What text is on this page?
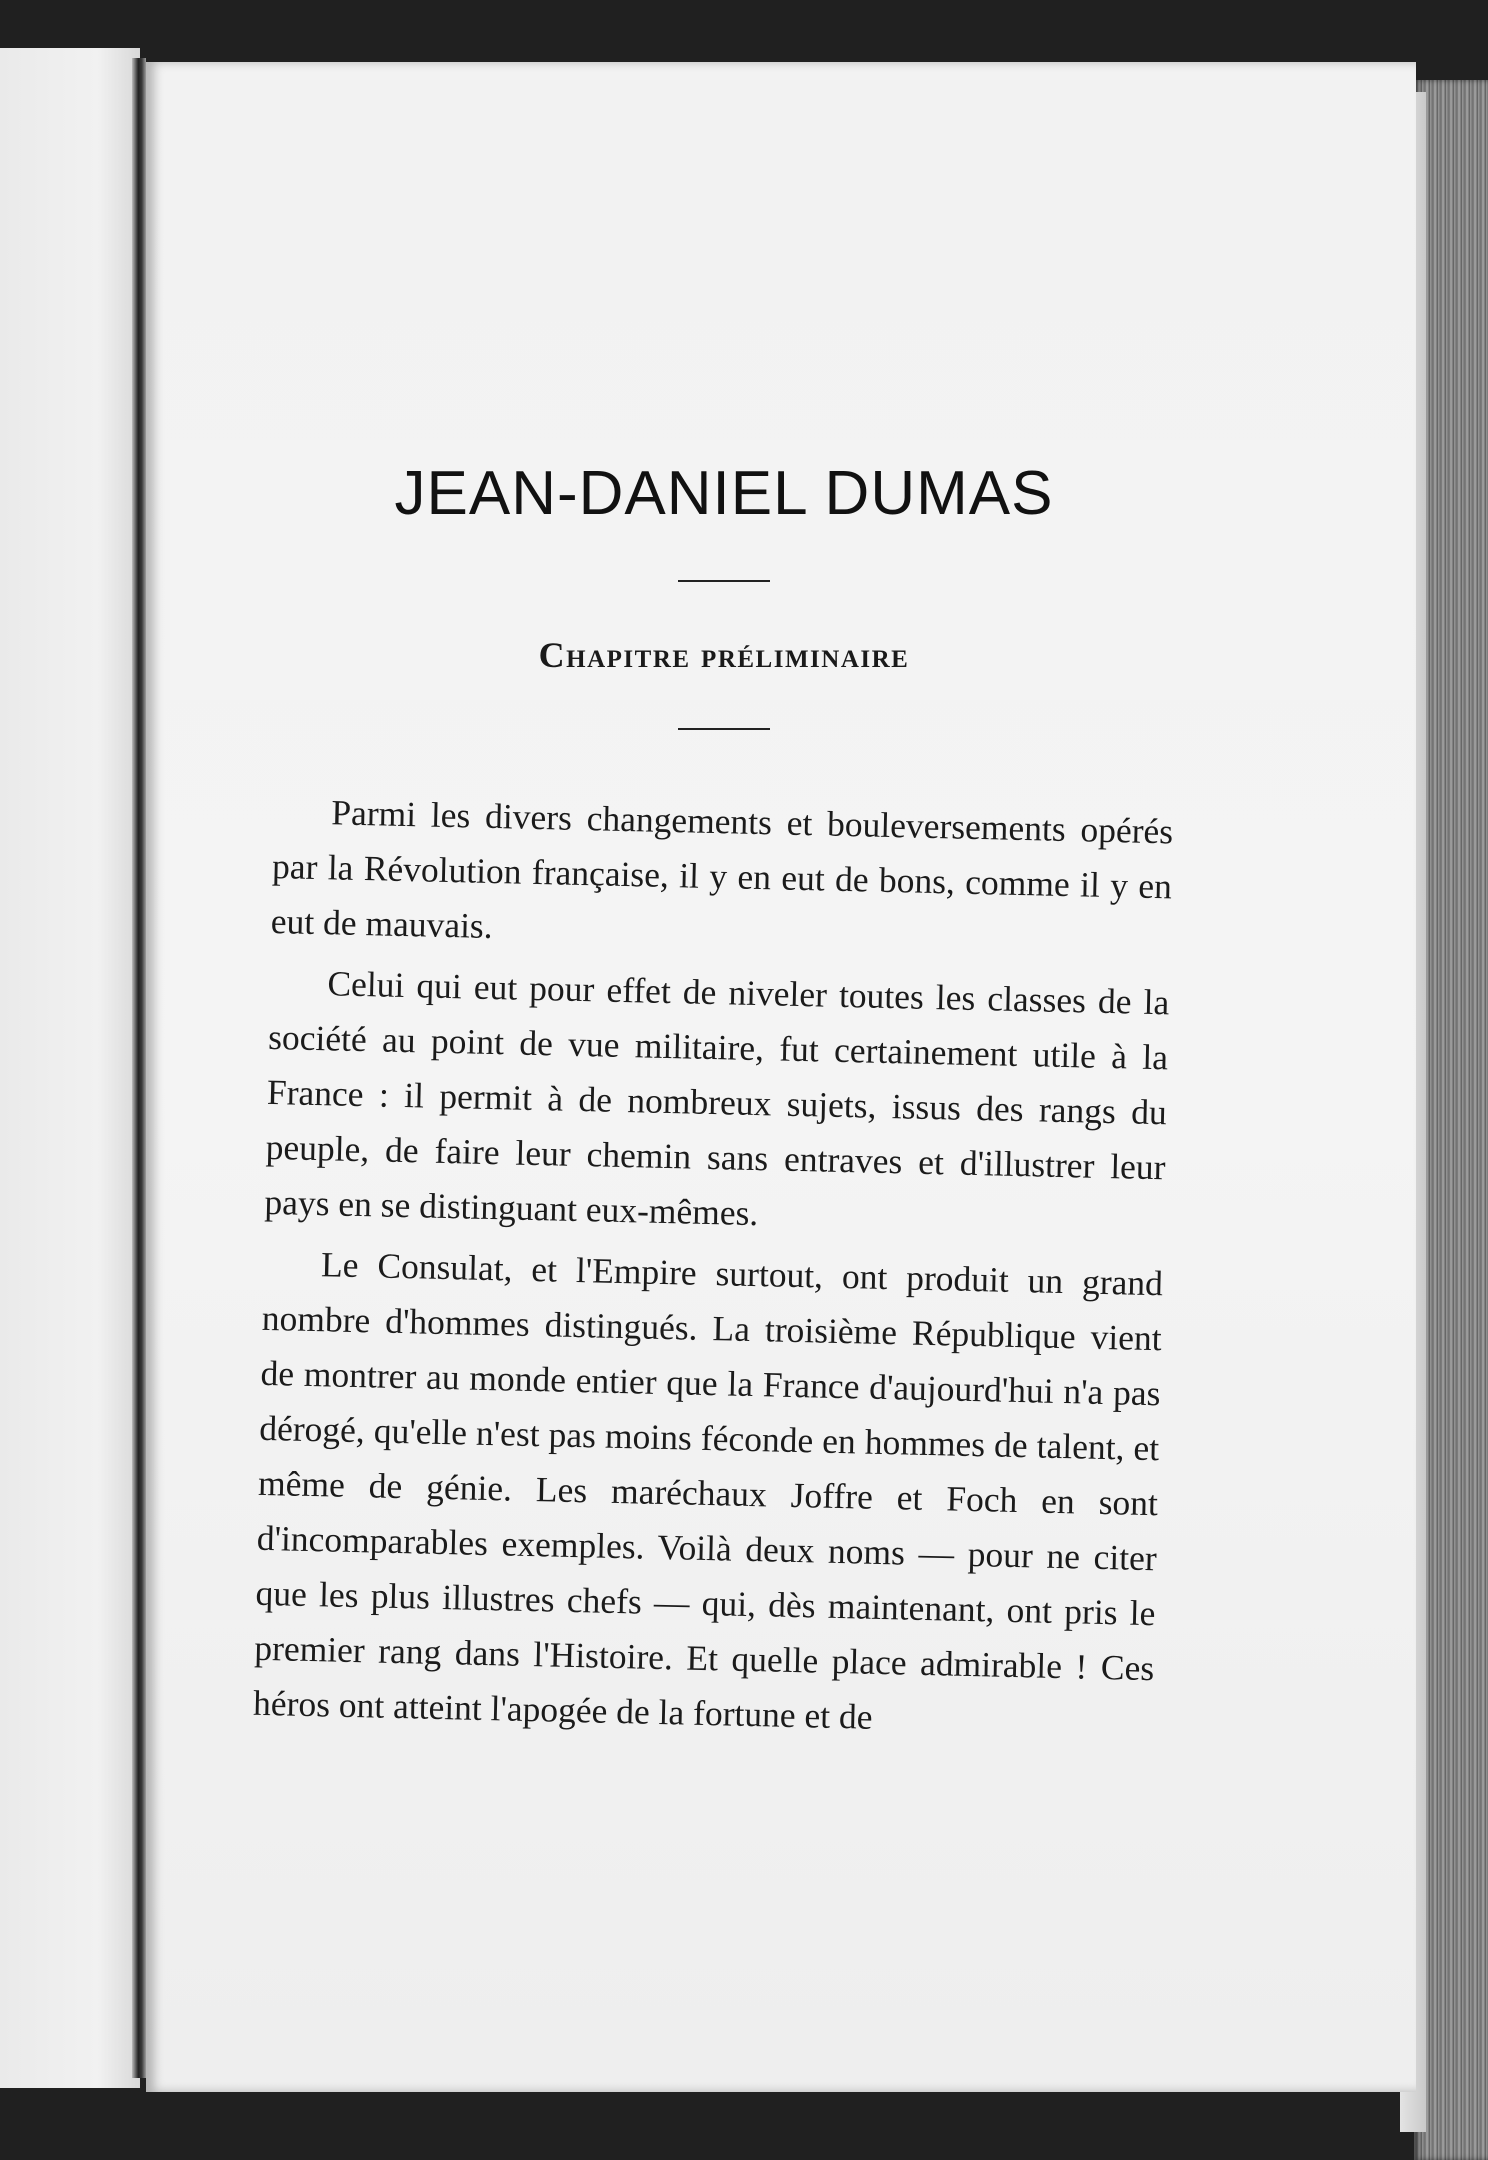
JEAN-DANIEL DUMAS
Chapitre préliminaire

Parmi les divers changements et bouleversements opérés par la Révolution française, il y en eut de bons, comme il y en eut de mauvais.

Celui qui eut pour effet de niveler toutes les classes de la société au point de vue militaire, fut certainement utile à la France : il permit à de nombreux sujets, issus des rangs du peuple, de faire leur chemin sans entraves et d'illustrer leur pays en se distinguant eux-mêmes.

Le Consulat, et l'Empire surtout, ont produit un grand nombre d'hommes distingués. La troisième République vient de montrer au monde entier que la France d'aujourd'hui n'a pas dérogé, qu'elle n'est pas moins féconde en hommes de talent, et même de génie. Les maréchaux Joffre et Foch en sont d'incomparables exemples. Voilà deux noms — pour ne citer que les plus illustres chefs — qui, dès maintenant, ont pris le premier rang dans l'Histoire. Et quelle place admirable ! Ces héros ont atteint l'apogée de la fortune et de
